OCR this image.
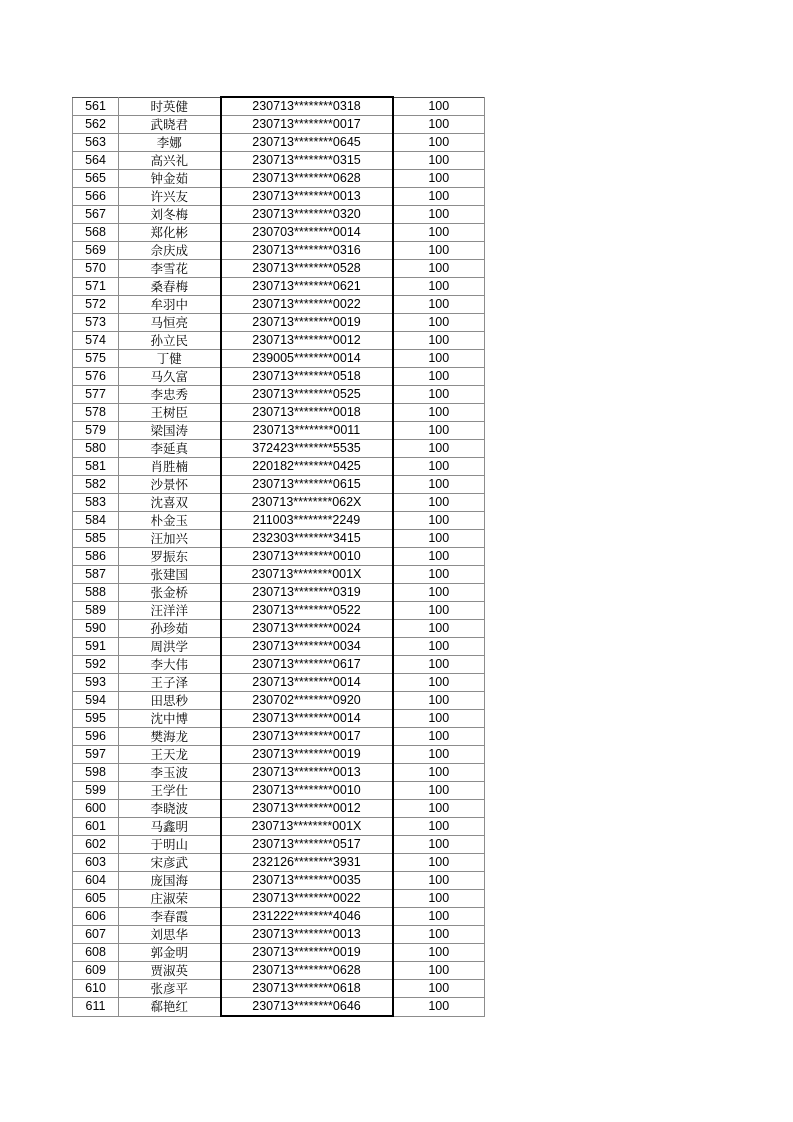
561	时英健	230713********0318	100
562	武晓君	230713********0017	100
563	李娜	230713********0645	100
564	高兴礼	230713********0315	100
565	钟金茹	230713********0628	100
566	许兴友	230713********0013	100
567	刘冬梅	230713********0320	100
568	郑化彬	230703********0014	100
569	佘庆成	230713********0316	100
570	李雪花	230713********0528	100
571	桑春梅	230713********0621	100
572	牟羽中	230713********0022	100
573	马恒亮	230713********0019	100
574	孙立民	230713********0012	100
575	丁健	239005********0014	100
576	马久富	230713********0518	100
577	李忠秀	230713********0525	100
578	王树臣	230713********0018	100
579	梁国涛	230713********0011	100
580	李延真	372423********5535	100
581	肖胜楠	220182********0425	100
582	沙景怀	230713********0615	100
583	沈喜双	230713********062X	100
584	朴金玉	211003********2249	100
585	汪加兴	232303********3415	100
586	罗振东	230713********0010	100
587	张建国	230713********001X	100
588	张金桥	230713********0319	100
589	汪洋洋	230713********0522	100
590	孙珍茹	230713********0024	100
591	周洪学	230713********0034	100
592	李大伟	230713********0617	100
593	王子泽	230713********0014	100
594	田思秒	230702********0920	100
595	沈中博	230713********0014	100
596	樊海龙	230713********0017	100
597	王天龙	230713********0019	100
598	李玉波	230713********0013	100
599	王学仕	230713********0010	100
600	李晓波	230713********0012	100
601	马鑫明	230713********001X	100
602	于明山	230713********0517	100
603	宋彦武	232126********3931	100
604	庞国海	230713********0035	100
605	庄淑荣	230713********0022	100
606	李春霞	231222********4046	100
607	刘思华	230713********0013	100
608	郭金明	230713********0019	100
609	贾淑英	230713********0628	100
610	张彦平	230713********0618	100
611	郗艳红	230713********0646	100
